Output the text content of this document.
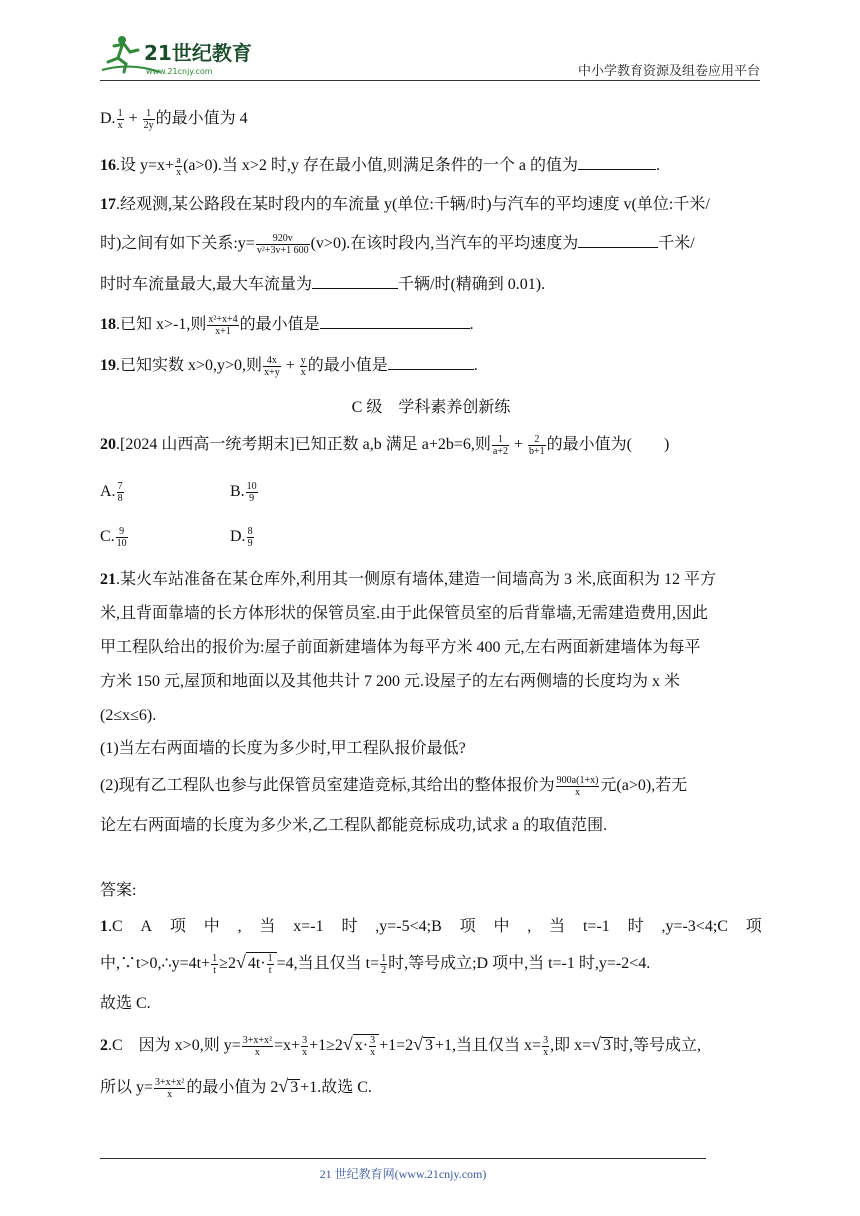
21世纪教育
www.21cnjy.com	中小学教育资源及组卷应用平台
D. $\frac{1}{x} + \frac{1}{2y}$ 的最小值为 4
16.设 $y=x+ \frac{a}{x} (a>0)$.当 x>2 时,y 存在最小值,则满足条件的一个 a 的值为	.
17.经观测,某公路段在某时段内的车流量 y(单位:千辆/时)与汽车的平均速度 v(单位:千米/
时)之间有如下关系:y= $\frac{920v}{\text{v²+3v+1 600}} (v>0)$.在该时段内,当汽车的平均速度为	千米/
时时车流量最大,最大车流量为	千辆/时(精确到 0.01).
18.已知 x>-1,则 $\frac{\text{x²+x+4}}{x+1}$ 的最小值是	.
19.已知实数 x>0,y>0,则 $\frac{4x}{x+y} + \frac{y}{x}$ 的最小值是	.
C 级　学科素养创新练
20.[2024 山西高一统考期末]已知正数 a,b 满足 a+2b=6,则 $\frac{1}{a+2} + \frac{2}{b+1}$ 的最小值为(　　)
A. $\frac{7}{8}$	B. $\frac{10}{9}$
C. $\frac{9}{10}$	D. $\frac{8}{9}$
21.某火车站准备在某仓库外,利用其一侧原有墙体,建造一间墙高为 3 米,底面积为 12 平方
米,且背面靠墙的长方体形状的保管员室.由于此保管员室的后背靠墙,无需建造费用,因此
甲工程队给出的报价为:屋子前面新建墙体为每平方米 400 元,左右两面新建墙体为每平
方米 150 元,屋顶和地面以及其他共计 7 200 元.设屋子的左右两侧墙的长度均为 x 米
(2≤x≤6).
(1)当左右两面墙的长度为多少时,甲工程队报价最低?
(2)现有乙工程队也参与此保管员室建造竞标,其给出的整体报价为 $\frac{900a(1+x)}{x}$ 元(a>0),若无
论左右两面墙的长度为多少米,乙工程队都能竞标成功,试求 a 的取值范围.
答案:
1.C A 项 中 , 当 x=-1 时 ,y=-5<4;B 项 中 , 当 t=-1 时 ,y=-3<4;C 项
中,∵t>0,∴y=4t+ $\frac{1}{t} \ge 2√$ $4t\cdot \frac{1}{t} =4$,当且仅当 $t= \frac{1}{2}$ 时,等号成立;D 项中,当 t=-1 时,y=-2<4.
故选 C.
2.C　因为 x>0,则 $y= \frac{\text{3+x+x²}}{x} =x+ \frac{3}{x} +1\ge 2√$ $x\cdot \frac{3}{x} +1=2√$ 3 +1,当且仅当 $x= \frac{3}{x}$ ,即 x=√ 3 时,等号成立,
所以 $y= \frac{\text{3+x+x²}}{x}$ 的最小值为 2√ 3 +1.故选 C.
21 世纪教育网(www.21cnjy.com)
